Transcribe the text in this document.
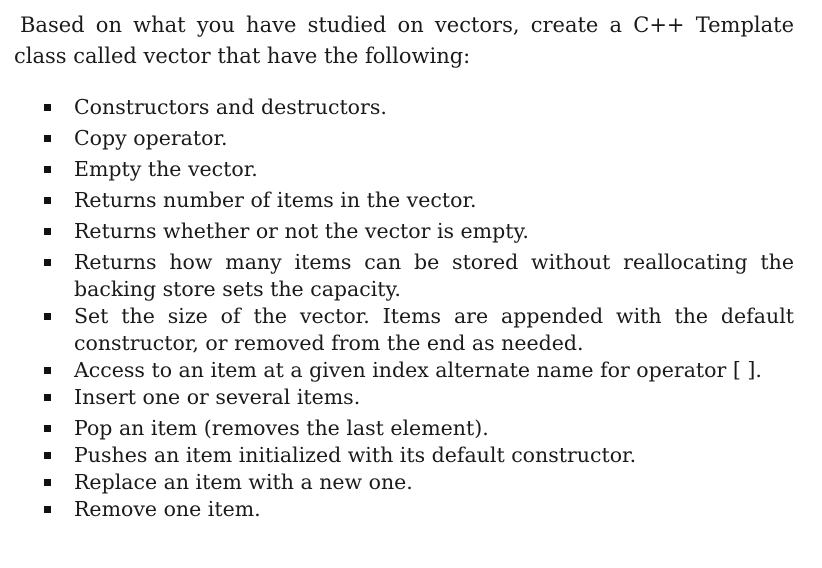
Based on what you have studied on vectors, create a C++ Template class called vector that have the following:

Constructors and destructors.
Copy operator.
Empty the vector.
Returns number of items in the vector.
Returns whether or not the vector is empty.
Returns how many items can be stored without reallocating the backing store sets the capacity.
Set the size of the vector. Items are appended with the default constructor, or removed from the end as needed.
Access to an item at a given index alternate name for operator [ ].
Insert one or several items.
Pop an item (removes the last element).
Pushes an item initialized with its default constructor.
Replace an item with a new one.
Remove one item.
